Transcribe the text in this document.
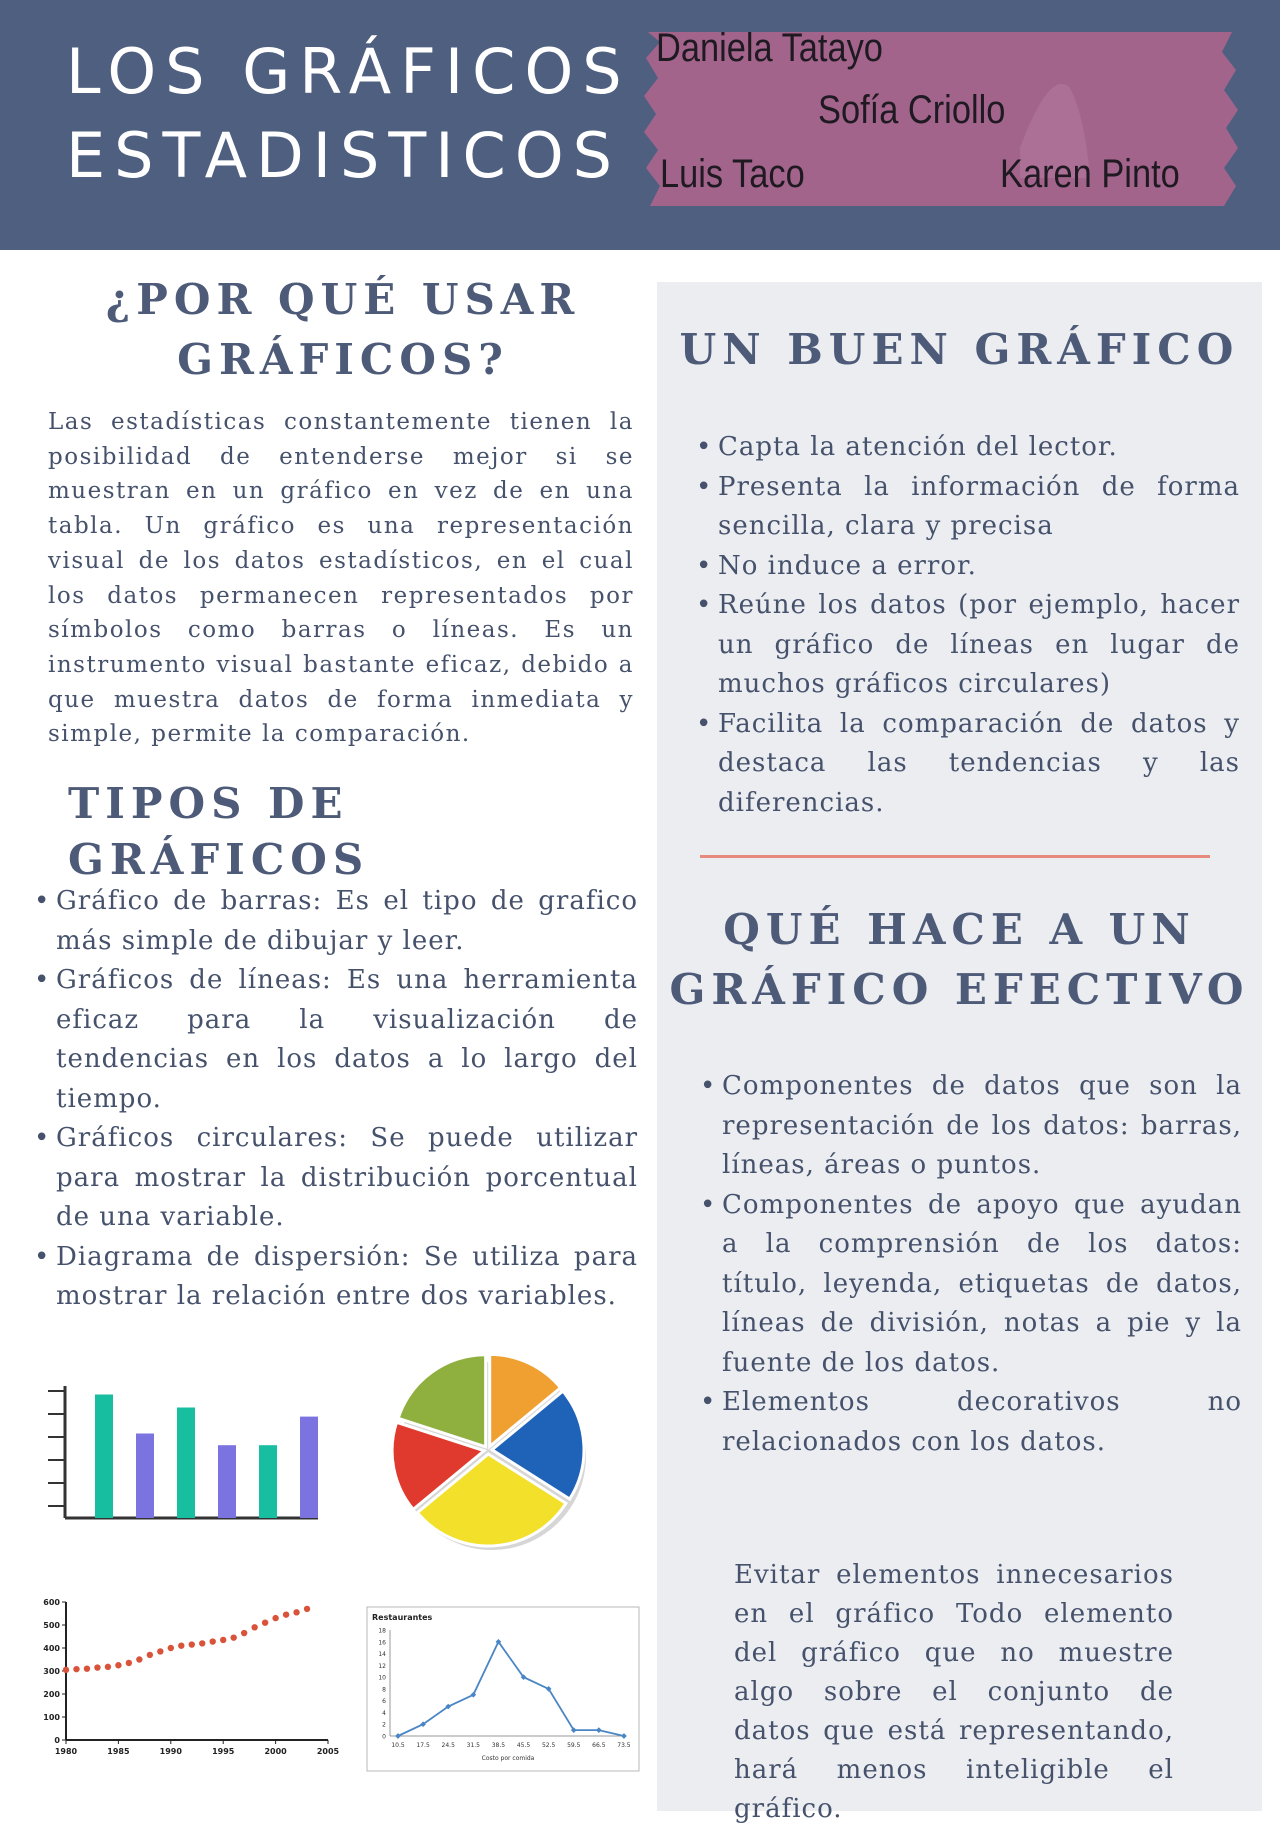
LOS GRÁFICOS
ESTADISTICOS
Daniela Tatayo
Sofía Criollo
Luis Taco	Karen Pinto
¿POR QUÉ USAR
GRÁFICOS?

Las estadísticas constantemente tienen la posibilidad de entenderse mejor si se muestran en un gráfico en vez de en una tabla. Un gráfico es una representación visual de los datos estadísticos, en el cual los datos permanecen representados por símbolos como barras o líneas. Es un instrumento visual bastante eficaz, debido a que muestra datos de forma inmediata y simple, permite la comparación.

TIPOS DE GRÁFICOS
• Gráfico de barras: Es el tipo de grafico más simple de dibujar y leer.
• Gráficos de líneas: Es una herramienta eficaz para la visualización de tendencias en los datos a lo largo del tiempo.
• Gráficos circulares: Se puede utilizar para mostrar la distribución porcentual de una variable.
• Diagrama de dispersión: Se utiliza para mostrar la relación entre dos variables.
0
100
200
300
400
500
600
1980	1985	1990	1995	2000	2005
Restaurantes
0
2
4
6
8
10
12
14
16
18
10.5 17.5 24.5 31.5 38.5 45.5 52.5 59.5 66.5 73.5
Costo por comida
UN BUEN GRÁFICO
• Capta la atención del lector.
• Presenta la información de forma sencilla, clara y precisa
• No induce a error.
• Reúne los datos (por ejemplo, hacer un gráfico de líneas en lugar de muchos gráficos circulares)
• Facilita la comparación de datos y destaca las tendencias y las diferencias.
QUÉ HACE A UN
GRÁFICO EFECTIVO
• Componentes de datos que son la representación de los datos: barras, líneas, áreas o puntos.
• Componentes de apoyo que ayudan a la comprensión de los datos: título, leyenda, etiquetas de datos, líneas de división, notas a pie y la fuente de los datos.
• Elementos decorativos no relacionados con los datos.

Evitar elementos innecesarios en el gráfico Todo elemento del gráfico que no muestre algo sobre el conjunto de datos que está representando, hará menos inteligible el gráfico.
